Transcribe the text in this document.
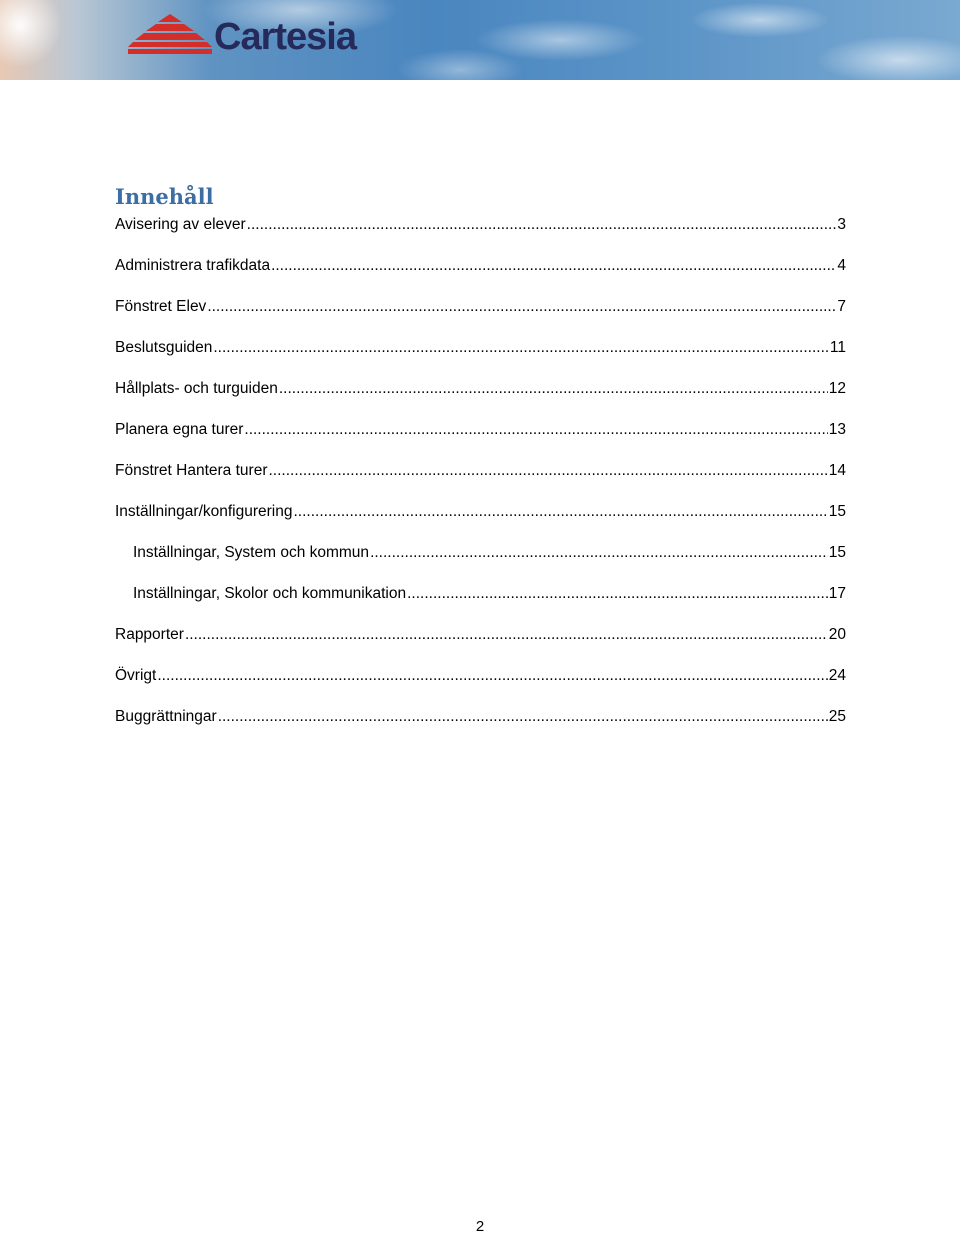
Cartesia
Innehåll
Avisering av elever .....	3
Administrera trafikdata .....	4
Fönstret Elev .....	7
Beslutsguiden .....	11
Hållplats- och turguiden .....	12
Planera egna turer .....	13
Fönstret Hantera turer .....	14
Inställningar/konfigurering .....	15
Inställningar, System och kommun .....	15
Inställningar, Skolor och kommunikation .....	17
Rapporter .....	20
Övrigt .....	24
Buggrättningar .....	25
2
